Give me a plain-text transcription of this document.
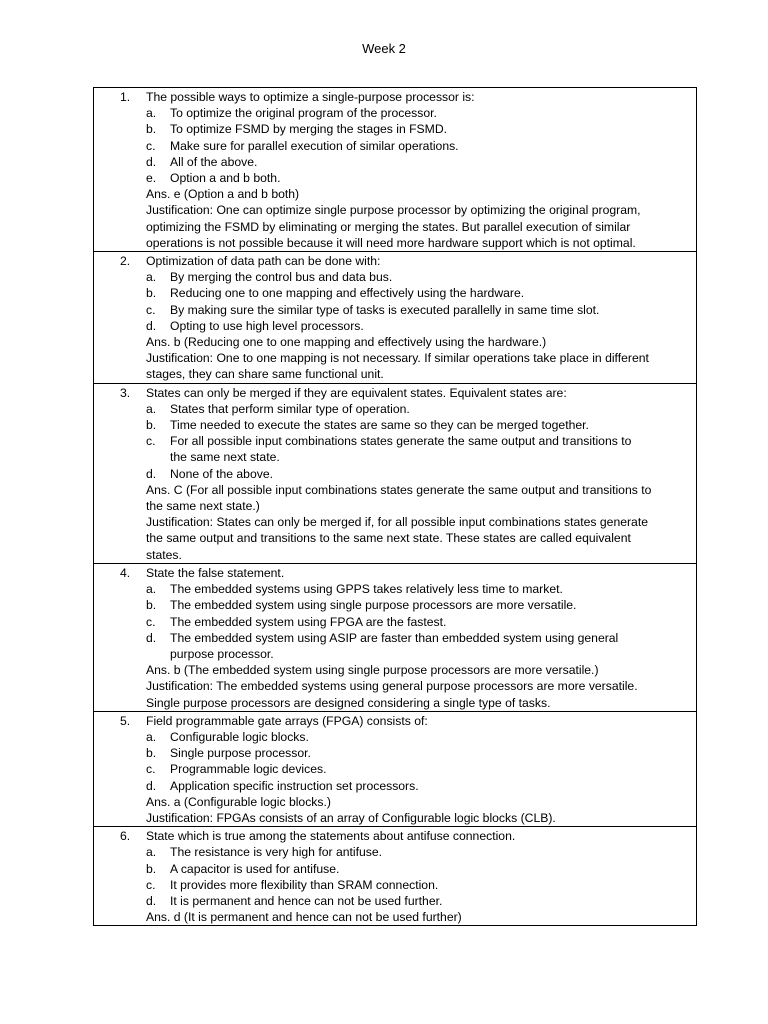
Week 2
1. The possible ways to optimize a single-purpose processor is:
a. To optimize the original program of the processor.
b. To optimize FSMD by merging the stages in FSMD.
c. Make sure for parallel execution of similar operations.
d. All of the above.
e. Option a and b both.
Ans. e (Option a and b both)
Justification: One can optimize single purpose processor by optimizing the original program,
optimizing the FSMD by eliminating or merging the states. But parallel execution of similar
operations is not possible because it will need more hardware support which is not optimal.

2. Optimization of data path can be done with:
a. By merging the control bus and data bus.
b. Reducing one to one mapping and effectively using the hardware.
c. By making sure the similar type of tasks is executed parallelly in same time slot.
d. Opting to use high level processors.
Ans. b (Reducing one to one mapping and effectively using the hardware.)
Justification: One to one mapping is not necessary. If similar operations take place in different
stages, they can share same functional unit.

3. States can only be merged if they are equivalent states. Equivalent states are:
a. States that perform similar type of operation.
b. Time needed to execute the states are same so they can be merged together.
c. For all possible input combinations states generate the same output and transitions to
the same next state.
d. None of the above.
Ans. C (For all possible input combinations states generate the same output and transitions to
the same next state.)
Justification: States can only be merged if, for all possible input combinations states generate
the same output and transitions to the same next state. These states are called equivalent
states.

4. State the false statement.
a. The embedded systems using GPPS takes relatively less time to market.
b. The embedded system using single purpose processors are more versatile.
c. The embedded system using FPGA are the fastest.
d. The embedded system using ASIP are faster than embedded system using general
purpose processor.
Ans. b (The embedded system using single purpose processors are more versatile.)
Justification: The embedded systems using general purpose processors are more versatile.
Single purpose processors are designed considering a single type of tasks.

5. Field programmable gate arrays (FPGA) consists of:
a. Configurable logic blocks.
b. Single purpose processor.
c. Programmable logic devices.
d. Application specific instruction set processors.
Ans. a (Configurable logic blocks.)
Justification: FPGAs consists of an array of Configurable logic blocks (CLB).

6. State which is true among the statements about antifuse connection.
a. The resistance is very high for antifuse.
b. A capacitor is used for antifuse.
c. It provides more flexibility than SRAM connection.
d. It is permanent and hence can not be used further.
Ans. d (It is permanent and hence can not be used further)
